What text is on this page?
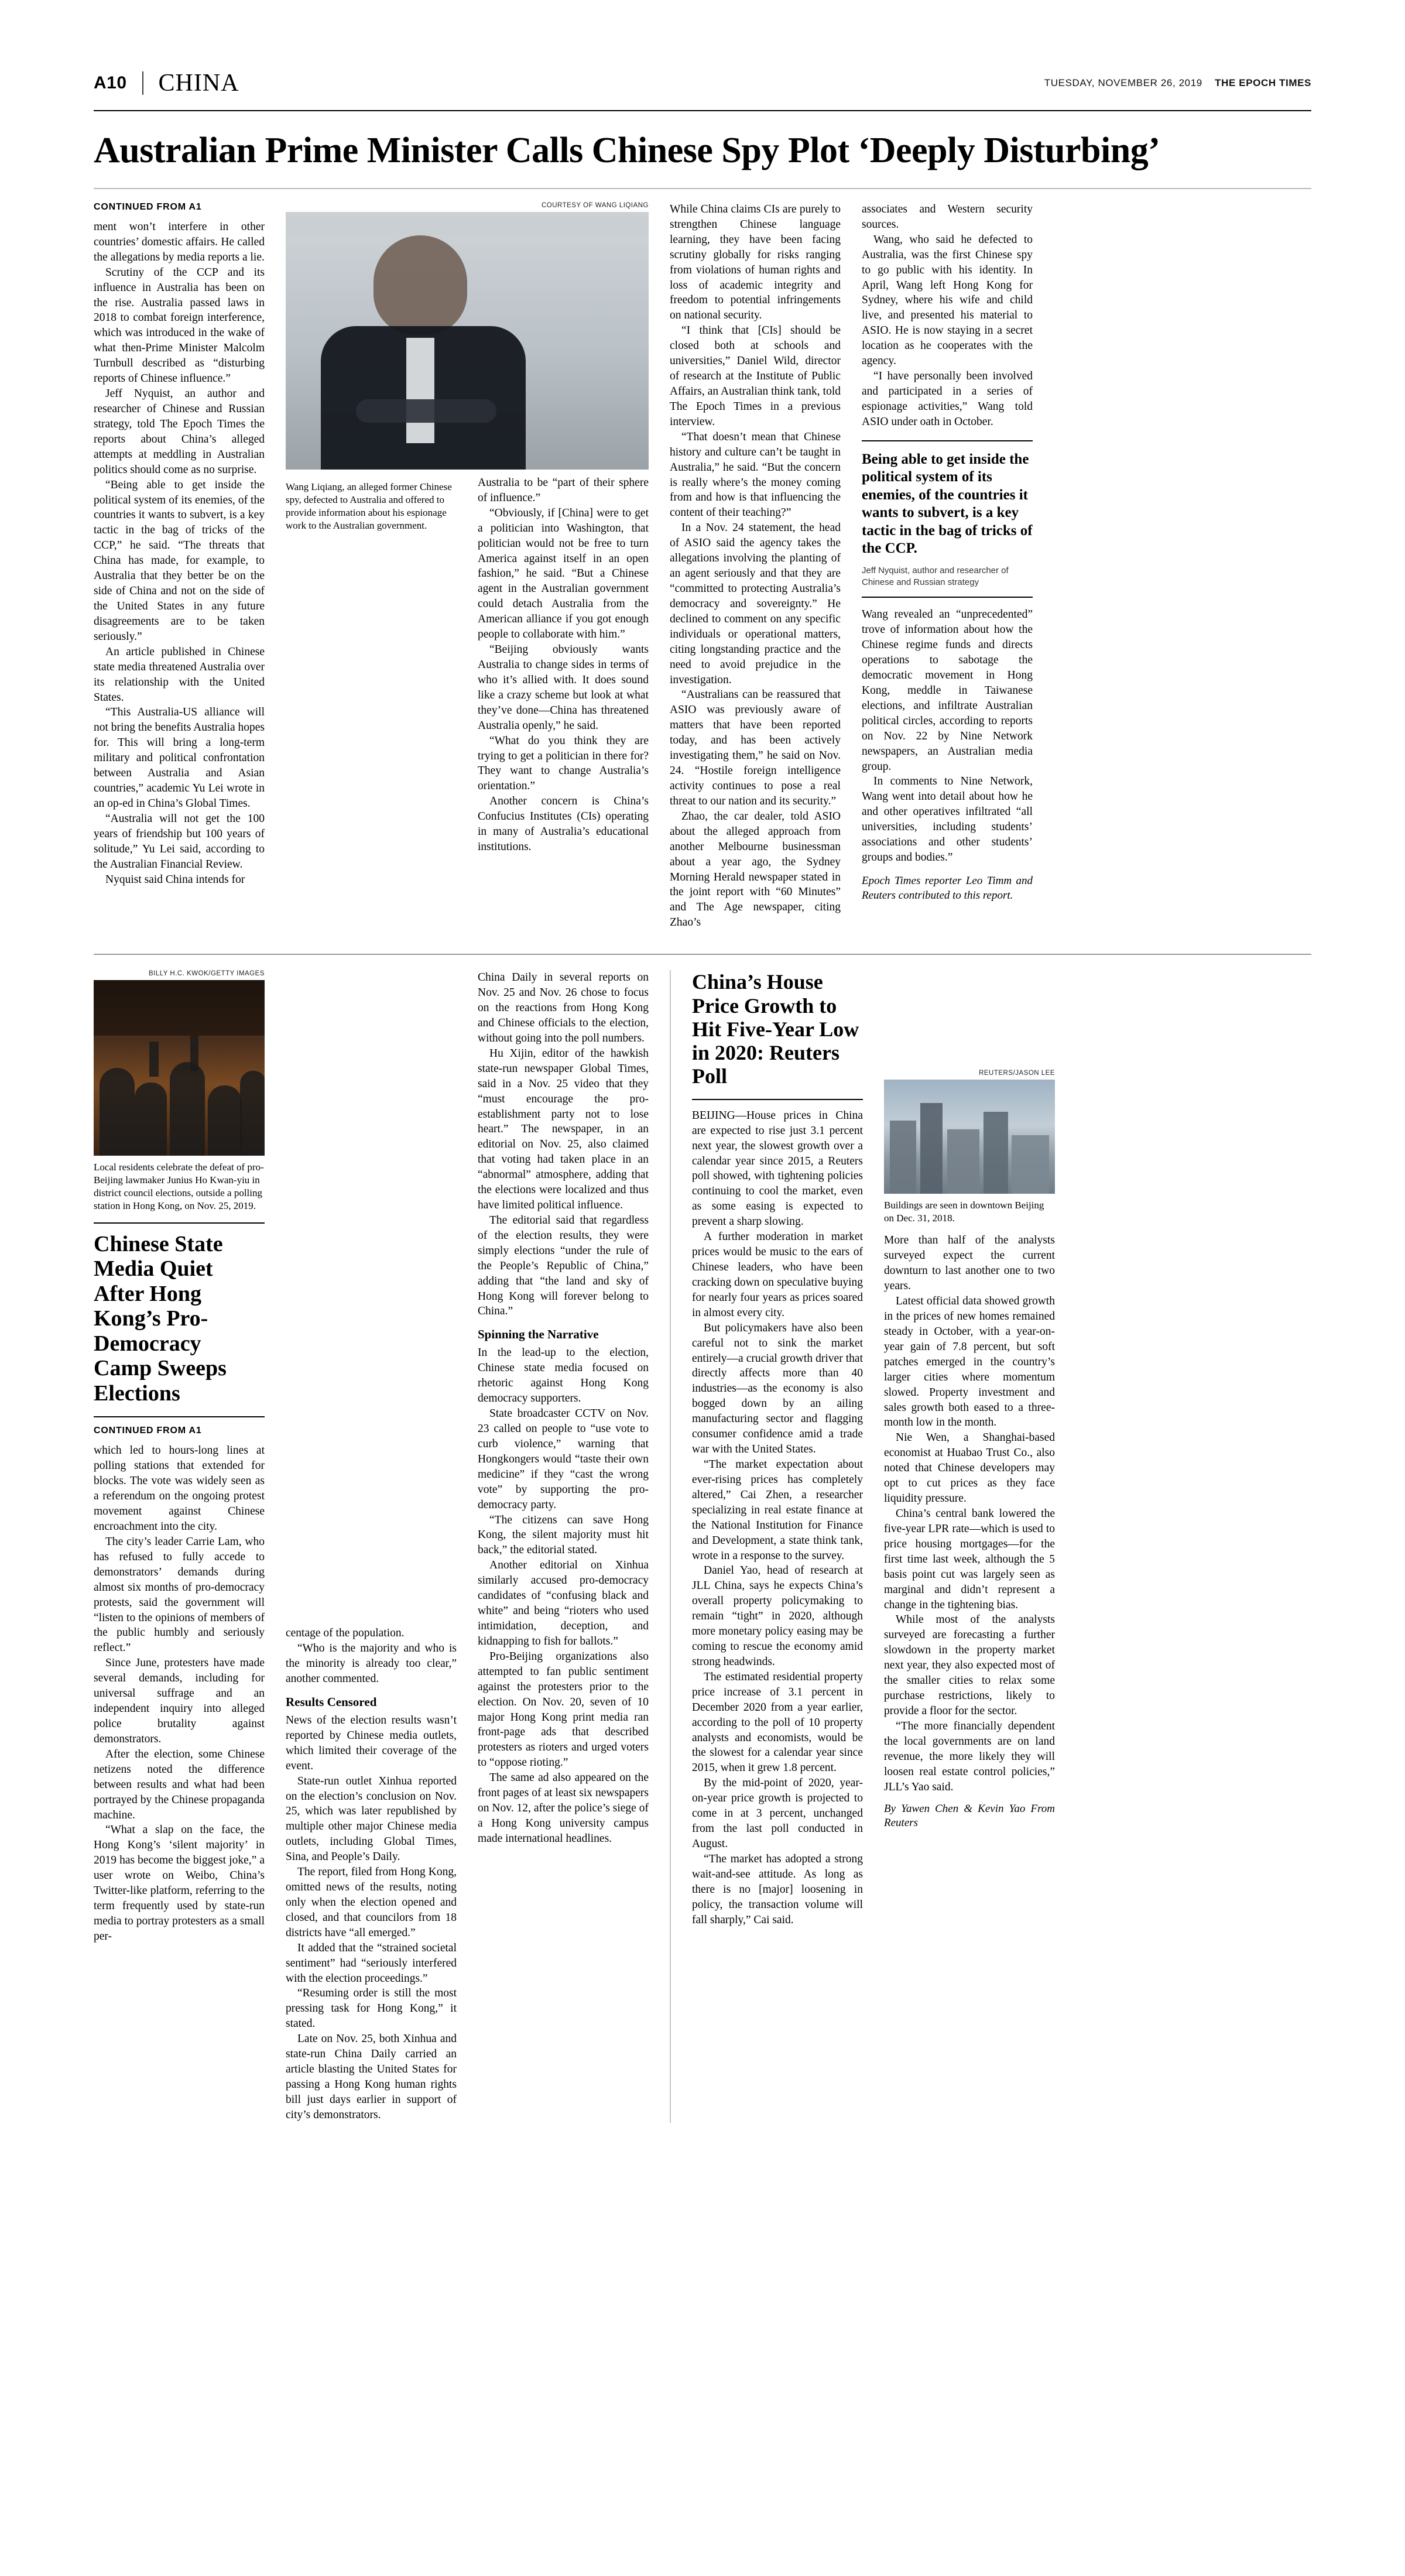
A10 CHINA	TUESDAY, NOVEMBER 26, 2019 THE EPOCH TIMES
Australian Prime Minister Calls Chinese Spy Plot ‘Deeply Disturbing’
CONTINUED FROM A1

ment won’t interfere in other countries’ domestic affairs. He called the allegations by media reports a lie.

Scrutiny of the CCP and its influence in Australia has been on the rise. Australia passed laws in 2018 to combat foreign interference, which was introduced in the wake of what then-Prime Minister Malcolm Turnbull described as “disturbing reports of Chinese influence.”

Jeff Nyquist, an author and researcher of Chinese and Russian strategy, told The Epoch Times the reports about China’s alleged attempts at meddling in Australian politics should come as no surprise.

“Being able to get inside the political system of its enemies, of the countries it wants to subvert, is a key tactic in the bag of tricks of the CCP,” he said. “The threats that China has made, for example, to Australia that they better be on the side of China and not on the side of the United States in any future disagreements are to be taken seriously.”

An article published in Chinese state media threatened Australia over its relationship with the United States.

“This Australia-US alliance will not bring the benefits Australia hopes for. This will bring a long-term military and political confrontation between Australia and Asian countries,” academic Yu Lei wrote in an op-ed in China’s Global Times.

“Australia will not get the 100 years of friendship but 100 years of solitude,” Yu Lei said, according to the Australian Financial Review.

Nyquist said China intends for

COURTESY OF WANG LIQIANG
Wang Liqiang, an alleged former Chinese spy, defected to Australia and offered to provide information about his espionage work to the Australian government.

Australia to be “part of their sphere of influence.”

“Obviously, if [China] were to get a politician into Washington, that politician would not be free to turn America against itself in an open fashion,” he said. “But a Chinese agent in the Australian government could detach Australia from the American alliance if you got enough people to collaborate with him.”

“Beijing obviously wants Australia to change sides in terms of who it’s allied with. It does sound like a crazy scheme but look at what they’ve done—China has threatened Australia openly,” he said.

“What do you think they are trying to get a politician in there for? They want to change Australia’s orientation.”

Another concern is China’s Confucius Institutes (CIs) operating in many of Australia’s educational institutions.

While China claims CIs are purely to strengthen Chinese language learning, they have been facing scrutiny globally for risks ranging from violations of human rights and loss of academic integrity and freedom to potential infringements on national security.

“I think that [CIs] should be closed both at schools and universities,” Daniel Wild, director of research at the Institute of Public Affairs, an Australian think tank, told The Epoch Times in a previous interview.

“That doesn’t mean that Chinese history and culture can’t be taught in Australia,” he said. “But the concern is really where’s the money coming from and how is that influencing the content of their teaching?”

In a Nov. 24 statement, the head of ASIO said the agency takes the allegations involving the planting of an agent seriously and that they are “committed to protecting Australia’s democracy and sovereignty.” He declined to comment on any specific individuals or operational matters, citing longstanding practice and the need to avoid prejudice in the investigation.

“Australians can be reassured that ASIO was previously aware of matters that have been reported today, and has been actively investigating them,” he said on Nov. 24. “Hostile foreign intelligence activity continues to pose a real threat to our nation and its security.”

Zhao, the car dealer, told ASIO about the alleged approach from another Melbourne businessman about a year ago, the Sydney Morning Herald newspaper stated in the joint report with “60 Minutes” and The Age newspaper, citing Zhao’s

associates and Western security sources.

Wang, who said he defected to Australia, was the first Chinese spy to go public with his identity. In April, Wang left Hong Kong for Sydney, where his wife and child live, and presented his material to ASIO. He is now staying in a secret location as he cooperates with the agency.

“I have personally been involved and participated in a series of espionage activities,” Wang told ASIO under oath in October.

Being able to get inside the political system of its enemies, of the countries it wants to subvert, is a key tactic in the bag of tricks of the CCP.

Jeff Nyquist, author and researcher of Chinese and Russian strategy

Wang revealed an “unprecedented” trove of information about how the Chinese regime funds and directs operations to sabotage the democratic movement in Hong Kong, meddle in Taiwanese elections, and infiltrate Australian political circles, according to reports on Nov. 22 by Nine Network newspapers, an Australian media group.

In comments to Nine Network, Wang went into detail about how he and other operatives infiltrated “all universities, including students’ associations and other students’ groups and bodies.”

Epoch Times reporter Leo Timm and Reuters contributed to this report.

BILLY H.C. KWOK/GETTY IMAGES
Local residents celebrate the defeat of pro-Beijing lawmaker Junius Ho Kwan-yiu in district council elections, outside a polling station in Hong Kong, on Nov. 25, 2019.
Chinese State Media Quiet After Hong Kong’s Pro-Democracy Camp Sweeps Elections
CONTINUED FROM A1

which led to hours-long lines at polling stations that extended for blocks. The vote was widely seen as a referendum on the ongoing protest movement against Chinese encroachment into the city.

The city’s leader Carrie Lam, who has refused to fully accede to demonstrators’ demands during almost six months of pro-democracy protests, said the government will “listen to the opinions of members of the public humbly and seriously reflect.”

Since June, protesters have made several demands, including for universal suffrage and an independent inquiry into alleged police brutality against demonstrators.

After the election, some Chinese netizens noted the difference between results and what had been portrayed by the Chinese propaganda machine.

“What a slap on the face, the Hong Kong’s ‘silent majority’ in 2019 has become the biggest joke,” a user wrote on Weibo, China’s Twitter-like platform, referring to the term frequently used by state-run media to portray protesters as a small per-

centage of the population.

“Who is the majority and who is the minority is already too clear,” another commented.

Results Censored

News of the election results wasn’t reported by Chinese media outlets, which limited their coverage of the event.

State-run outlet Xinhua reported on the election’s conclusion on Nov. 25, which was later republished by multiple other major Chinese media outlets, including Global Times, Sina, and People’s Daily.

The report, filed from Hong Kong, omitted news of the results, noting only when the election opened and closed, and that councilors from 18 districts have “all emerged.”

It added that the “strained societal sentiment” had “seriously interfered with the election proceedings.”

“Resuming order is still the most pressing task for Hong Kong,” it stated.

Late on Nov. 25, both Xinhua and state-run China Daily carried an article blasting the United States for passing a Hong Kong human rights bill just days earlier in support of city’s demonstrators.

China Daily in several reports on Nov. 25 and Nov. 26 chose to focus on the reactions from Hong Kong and Chinese officials to the election, without going into the poll numbers.

Hu Xijin, editor of the hawkish state-run newspaper Global Times, said in a Nov. 25 video that they “must encourage the pro-establishment party not to lose heart.” The newspaper, in an editorial on Nov. 25, also claimed that voting had taken place in an “abnormal” atmosphere, adding that the elections were localized and thus have limited political influence.

The editorial said that regardless of the election results, they were simply elections “under the rule of the People’s Republic of China,” adding that “the land and sky of Hong Kong will forever belong to China.”

Spinning the Narrative

In the lead-up to the election, Chinese state media focused on rhetoric against Hong Kong democracy supporters.

State broadcaster CCTV on Nov. 23 called on people to “use vote to curb violence,” warning that Hongkongers would “taste their own medicine” if they “cast the wrong vote” by supporting the pro-democracy party.

“The citizens can save Hong Kong, the silent majority must hit back,” the editorial stated.

Another editorial on Xinhua similarly accused pro-democracy candidates of “confusing black and white” and being “rioters who used intimidation, deception, and kidnapping to fish for ballots.”

Pro-Beijing organizations also attempted to fan public sentiment against the protesters prior to the election. On Nov. 20, seven of 10 major Hong Kong print media ran front-page ads that described protesters as rioters and urged voters to “oppose rioting.”

The same ad also appeared on the front pages of at least six newspapers on Nov. 12, after the police’s siege of a Hong Kong university campus made international headlines.

China’s House Price Growth to Hit Five-Year Low in 2020: Reuters Poll

BEIJING—House prices in China are expected to rise just 3.1 percent next year, the slowest growth over a calendar year since 2015, a Reuters poll showed, with tightening policies continuing to cool the market, even as some easing is expected to prevent a sharp slowing.

A further moderation in market prices would be music to the ears of Chinese leaders, who have been cracking down on speculative buying for nearly four years as prices soared in almost every city.

But policymakers have also been careful not to sink the market entirely—a crucial growth driver that directly affects more than 40 industries—as the economy is also bogged down by an ailing manufacturing sector and flagging consumer confidence amid a trade war with the United States.

“The market expectation about ever-rising prices has completely altered,” Cai Zhen, a researcher specializing in real estate finance at the National Institution for Finance and Development, a state think tank, wrote in a response to the survey.

Daniel Yao, head of research at JLL China, says he expects China’s overall property policymaking to remain “tight” in 2020, although more monetary policy easing may be coming to rescue the economy amid strong headwinds.

The estimated residential property price increase of 3.1 percent in December 2020 from a year earlier, according to the poll of 10 property analysts and economists, would be the slowest for a calendar year since 2015, when it grew 1.8 percent.

By the mid-point of 2020, year-on-year price growth is projected to come in at 3 percent, unchanged from the last poll conducted in August.

“The market has adopted a strong wait-and-see attitude. As long as there is no [major] loosening in policy, the transaction volume will fall sharply,” Cai said.

REUTERS/JASON LEE
Buildings are seen in downtown Beijing on Dec. 31, 2018.

More than half of the analysts surveyed expect the current downturn to last another one to two years.

Latest official data showed growth in the prices of new homes remained steady in October, with a year-on-year gain of 7.8 percent, but soft patches emerged in the country’s larger cities where momentum slowed. Property investment and sales growth both eased to a three-month low in the month.

Nie Wen, a Shanghai-based economist at Huabao Trust Co., also noted that Chinese developers may opt to cut prices as they face liquidity pressure.

China’s central bank lowered the five-year LPR rate—which is used to price housing mortgages—for the first time last week, although the 5 basis point cut was largely seen as marginal and didn’t represent a change in the tightening bias.

While most of the analysts surveyed are forecasting a further slowdown in the property market next year, they also expected most of the smaller cities to relax some purchase restrictions, likely to provide a floor for the sector.

“The more financially dependent the local governments are on land revenue, the more likely they will loosen real estate control policies,” JLL’s Yao said.

By Yawen Chen & Kevin Yao From Reuters
